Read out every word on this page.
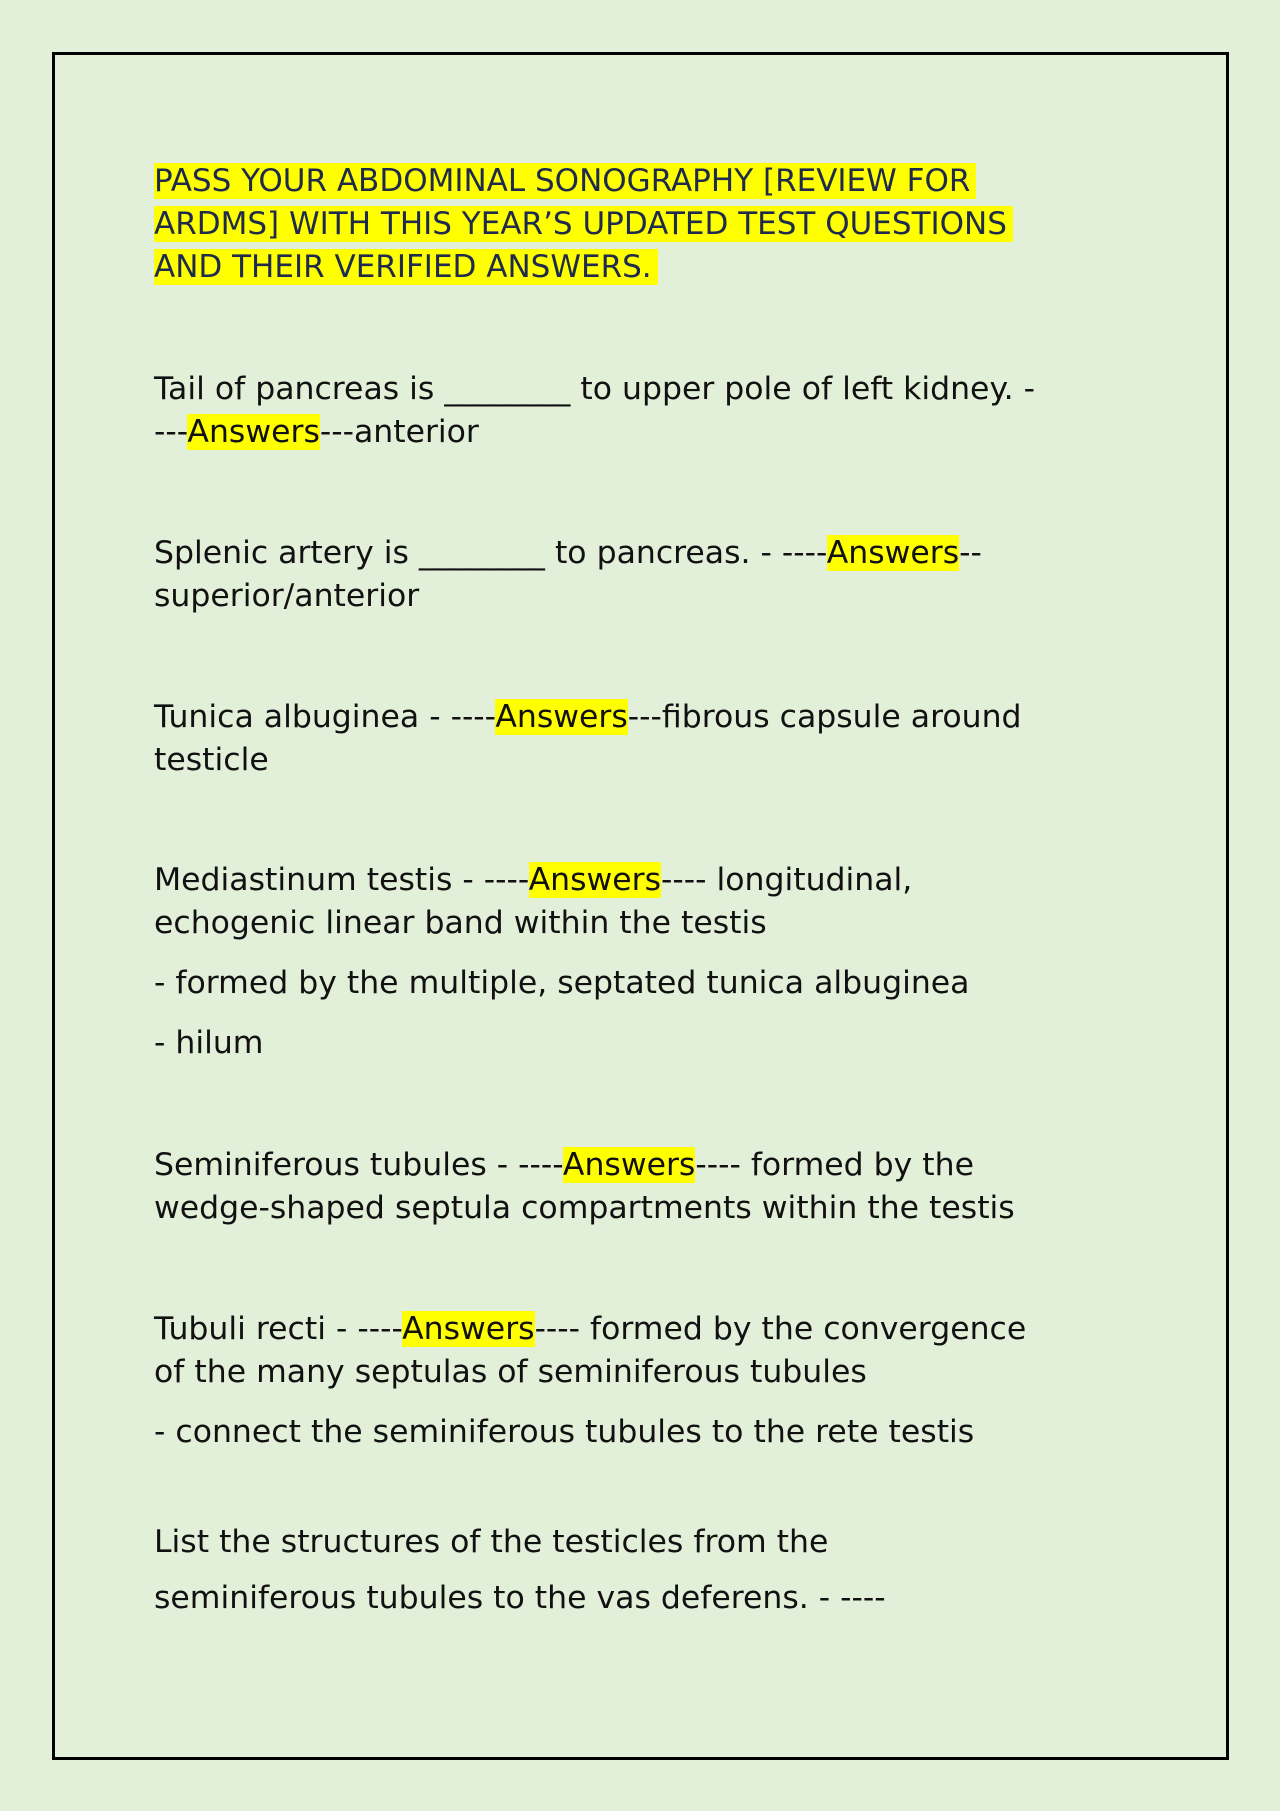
PASS YOUR ABDOMINAL SONOGRAPHY [REVIEW FOR
ARDMS] WITH THIS YEAR’S UPDATED TEST QUESTIONS
AND THEIR VERIFIED ANSWERS.

Tail of pancreas is ________ to upper pole of left kidney. -

---Answers---anterior

Splenic artery is ________ to pancreas. - ----Answers--

superior/anterior

Tunica albuginea - ----Answers---fibrous capsule around

testicle

Mediastinum testis - ----Answers---- longitudinal,

echogenic linear band within the testis

- formed by the multiple, septated tunica albuginea

- hilum

Seminiferous tubules - ----Answers---- formed by the

wedge-shaped septula compartments within the testis

Tubuli recti - ----Answers---- formed by the convergence

of the many septulas of seminiferous tubules

- connect the seminiferous tubules to the rete testis

List the structures of the testicles from the

seminiferous tubules to the vas deferens. - ----
